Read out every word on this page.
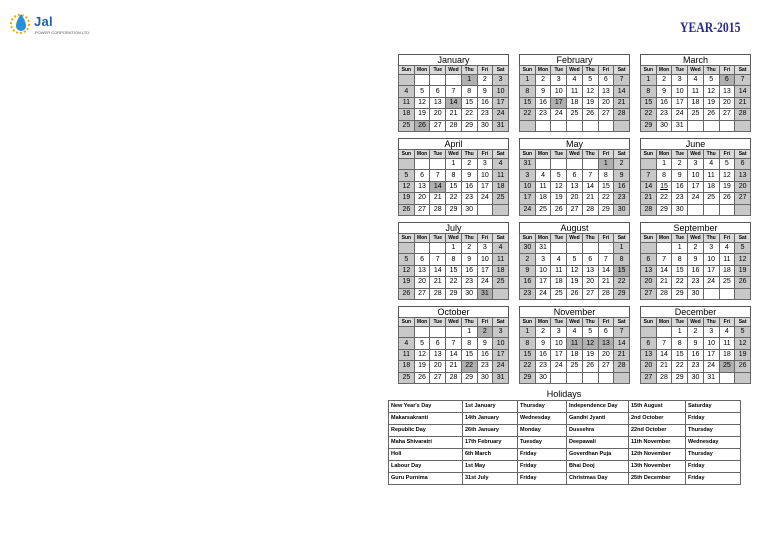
Jal
POWER CORPORATION LTD.	YEAR-2015
January
Sun	Mon	Tue	Wed	Thu	Fri	Sat
				1	2	3
4	5	6	7	8	9	10
11	12	13	14	15	16	17
18	19	20	21	22	23	24
25	26	27	28	29	30	31
February
Sun	Mon	Tue	Wed	Thu	Fri	Sat
1	2	3	4	5	6	7
8	9	10	11	12	13	14
15	16	17	18	19	20	21
22	23	24	25	26	27	28

March
Sun	Mon	Tue	Wed	Thu	Fri	Sat
1	2	3	4	5	6	7
8	9	10	11	12	13	14
15	16	17	18	19	20	21
22	23	24	25	26	27	28
29	30	31				
April
Sun	Mon	Tue	Wed	Thu	Fri	Sat
			1	2	3	4
5	6	7	8	9	10	11
12	13	14	15	16	17	18
19	20	21	22	23	24	25
26	27	28	29	30		
May
Sun	Mon	Tue	Wed	Thu	Fri	Sat
31					1	2
3	4	5	6	7	8	9
10	11	12	13	14	15	16
17	18	19	20	21	22	23
24	25	26	27	28	29	30
June
Sun	Mon	Tue	Wed	Thu	Fri	Sat
	1	2	3	4	5	6
7	8	9	10	11	12	13
14	15	16	17	18	19	20
21	22	23	24	25	26	27
28	29	30				
July
Sun	Mon	Tue	Wed	Thu	Fri	Sat
			1	2	3	4
5	6	7	8	9	10	11
12	13	14	15	16	17	18
19	20	21	22	23	24	25
26	27	28	29	30	31	
August
Sun	Mon	Tue	Wed	Thu	Fri	Sat
30	31					1
2	3	4	5	6	7	8
9	10	11	12	13	14	15
16	17	18	19	20	21	22
23	24	25	26	27	28	29
September
Sun	Mon	Tue	Wed	Thu	Fri	Sat
		1	2	3	4	5
6	7	8	9	10	11	12
13	14	15	16	17	18	19
20	21	22	23	24	25	26
27	28	29	30			
October
Sun	Mon	Tue	Wed	Thu	Fri	Sat
				1	2	3
4	5	6	7	8	9	10
11	12	13	14	15	16	17
18	19	20	21	22	23	24
25	26	27	28	29	30	31
November
Sun	Mon	Tue	Wed	Thu	Fri	Sat
1	2	3	4	5	6	7
8	9	10	11	12	13	14
15	16	17	18	19	20	21
22	23	24	25	26	27	28
29	30					
December
Sun	Mon	Tue	Wed	Thu	Fri	Sat
		1	2	3	4	5
6	7	8	9	10	11	12
13	14	15	16	17	18	19
20	21	22	23	24	25	26
27	28	29	30	31		
Holidays
New Year's Day	1st January	Thursday	Independence Day	15th August	Saturday
Makarsakranti	14th January	Wednesday	Gandhi Jyanti	2nd October	Friday
Republic Day	26th January	Monday	Dussehra	22nd October	Thursday
Maha Shivaratri	17th February	Tuesday	Deepawali	11th November	Wednesday
Holi	6th March	Friday	Goverdhan Puja	12th November	Thursday
Labour Day	1st May	Friday	Bhai Dooj	13th November	Friday
Guru Purnima	31st July	Friday	Christmas Day	25th December	Friday
